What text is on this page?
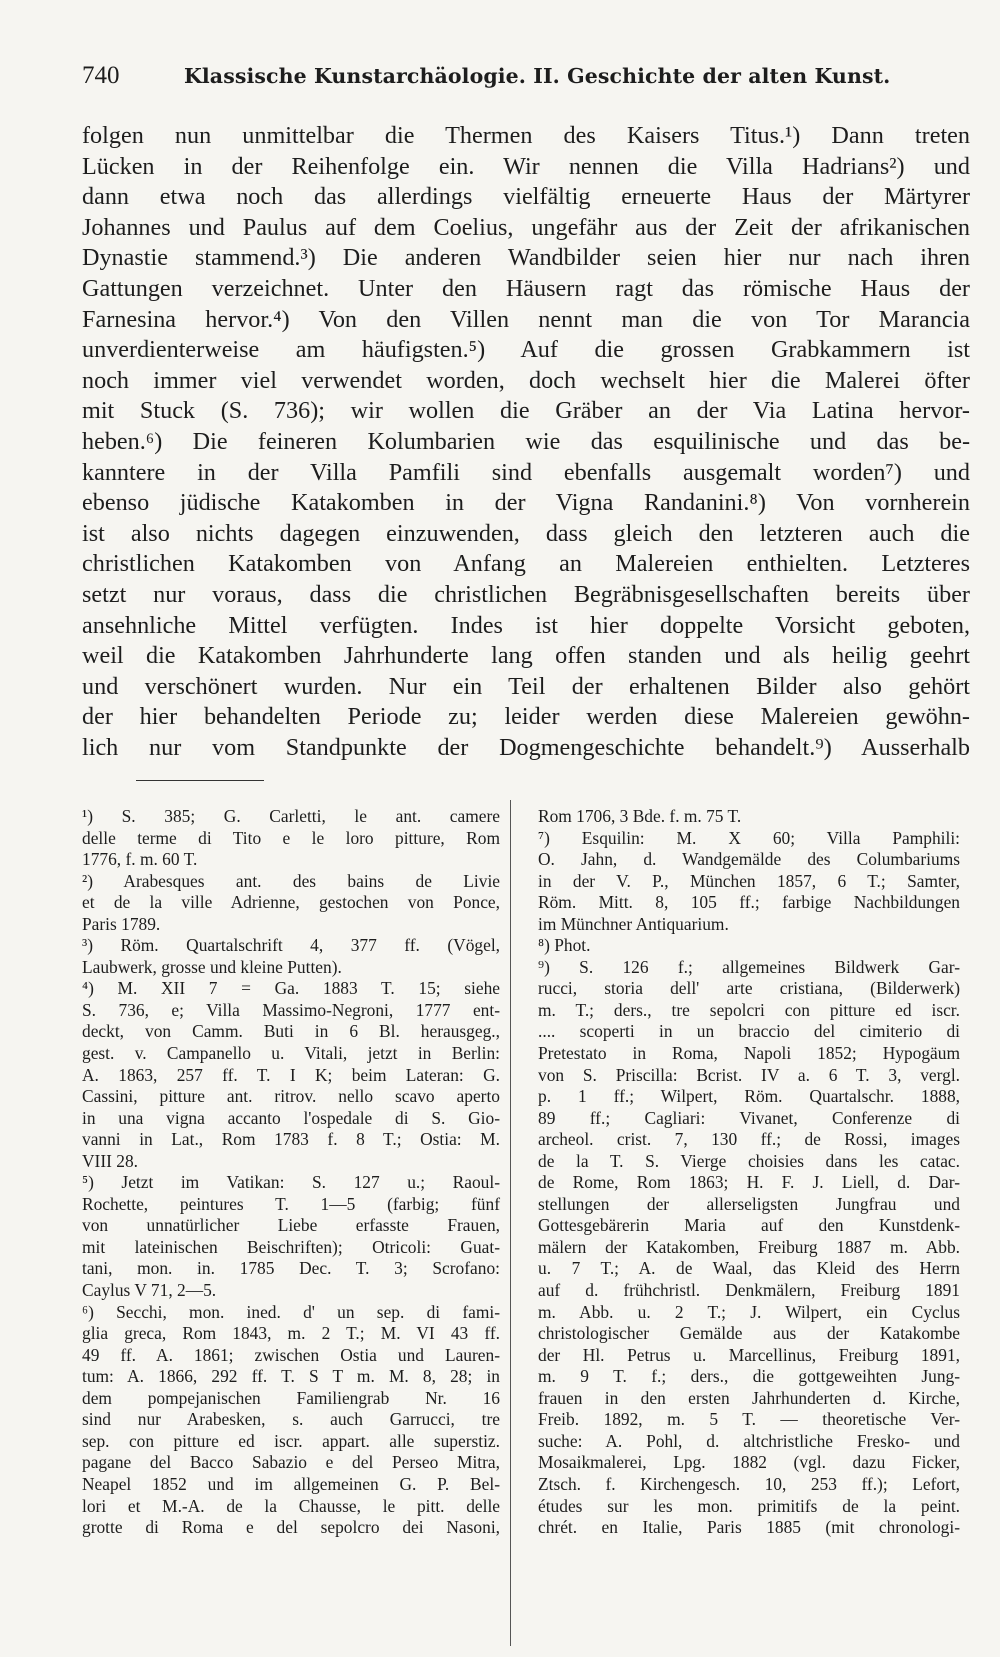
740	Klassische Kunstarchäologie. II. Geschichte der alten Kunst.
folgen nun unmittelbar die Thermen des Kaisers Titus.¹) Dann treten
Lücken in der Reihenfolge ein. Wir nennen die Villa Hadrians²) und
dann etwa noch das allerdings vielfältig erneuerte Haus der Märtyrer
Johannes und Paulus auf dem Coelius, ungefähr aus der Zeit der afrikanischen
Dynastie stammend.³) Die anderen Wandbilder seien hier nur nach ihren
Gattungen verzeichnet. Unter den Häusern ragt das römische Haus der
Farnesina hervor.⁴) Von den Villen nennt man die von Tor Marancia
unverdienterweise am häufigsten.⁵) Auf die grossen Grabkammern ist
noch immer viel verwendet worden, doch wechselt hier die Malerei öfter
mit Stuck (S. 736); wir wollen die Gräber an der Via Latina hervor-
heben.⁶) Die feineren Kolumbarien wie das esquilinische und das be-
kanntere in der Villa Pamfili sind ebenfalls ausgemalt worden⁷) und
ebenso jüdische Katakomben in der Vigna Randanini.⁸) Von vornherein
ist also nichts dagegen einzuwenden, dass gleich den letzteren auch die
christlichen Katakomben von Anfang an Malereien enthielten. Letzteres
setzt nur voraus, dass die christlichen Begräbnisgesellschaften bereits über
ansehnliche Mittel verfügten. Indes ist hier doppelte Vorsicht geboten,
weil die Katakomben Jahrhunderte lang offen standen und als heilig geehrt
und verschönert wurden. Nur ein Teil der erhaltenen Bilder also gehört
der hier behandelten Periode zu; leider werden diese Malereien gewöhn-
lich nur vom Standpunkte der Dogmengeschichte behandelt.⁹) Ausserhalb
¹) S. 385; G. Carletti, le ant. camere
delle terme di Tito e le loro pitture, Rom
1776, f. m. 60 T.
²) Arabesques ant. des bains de Livie
et de la ville Adrienne, gestochen von Ponce,
Paris 1789.
³) Röm. Quartalschrift 4, 377 ff. (Vögel,
Laubwerk, grosse und kleine Putten).
⁴) M. XII 7 = Ga. 1883 T. 15; siehe
S. 736, e; Villa Massimo-Negroni, 1777 ent-
deckt, von Camm. Buti in 6 Bl. herausgeg.,
gest. v. Campanello u. Vitali, jetzt in Berlin:
A. 1863, 257 ff. T. I K; beim Lateran: G.
Cassini, pitture ant. ritrov. nello scavo aperto
in una vigna accanto l'ospedale di S. Gio-
vanni in Lat., Rom 1783 f. 8 T.; Ostia: M.
VIII 28.
⁵) Jetzt im Vatikan: S. 127 u.; Raoul-
Rochette, peintures T. 1—5 (farbig; fünf
von unnatürlicher Liebe erfasste Frauen,
mit lateinischen Beischriften); Otricoli: Guat-
tani, mon. in. 1785 Dec. T. 3; Scrofano:
Caylus V 71, 2—5.
⁶) Secchi, mon. ined. d' un sep. di fami-
glia greca, Rom 1843, m. 2 T.; M. VI 43 ff.
49 ff. A. 1861; zwischen Ostia und Lauren-
tum: A. 1866, 292 ff. T. S T m. M. 8, 28; in
dem pompejanischen Familiengrab Nr. 16
sind nur Arabesken, s. auch Garrucci, tre
sep. con pitture ed iscr. appart. alle superstiz.
pagane del Bacco Sabazio e del Perseo Mitra,
Neapel 1852 und im allgemeinen G. P. Bel-
lori et M.-A. de la Chausse, le pitt. delle
grotte di Roma e del sepolcro dei Nasoni,
Rom 1706, 3 Bde. f. m. 75 T.
⁷) Esquilin: M. X 60; Villa Pamphili:
O. Jahn, d. Wandgemälde des Columbariums
in der V. P., München 1857, 6 T.; Samter,
Röm. Mitt. 8, 105 ff.; farbige Nachbildungen
im Münchner Antiquarium.
⁸) Phot.
⁹) S. 126 f.; allgemeines Bildwerk Gar-
rucci, storia dell' arte cristiana, (Bilderwerk)
m. T.; ders., tre sepolcri con pitture ed iscr.
.... scoperti in un braccio del cimiterio di
Pretestato in Roma, Napoli 1852; Hypogäum
von S. Priscilla: Bcrist. IV a. 6 T. 3, vergl.
p. 1 ff.; Wilpert, Röm. Quartalschr. 1888,
89 ff.; Cagliari: Vivanet, Conferenze di
archeol. crist. 7, 130 ff.; de Rossi, images
de la T. S. Vierge choisies dans les catac.
de Rome, Rom 1863; H. F. J. Liell, d. Dar-
stellungen der allerseligsten Jungfrau und
Gottesgebärerin Maria auf den Kunstdenk-
mälern der Katakomben, Freiburg 1887 m. Abb.
u. 7 T.; A. de Waal, das Kleid des Herrn
auf d. frühchristl. Denkmälern, Freiburg 1891
m. Abb. u. 2 T.; J. Wilpert, ein Cyclus
christologischer Gemälde aus der Katakombe
der Hl. Petrus u. Marcellinus, Freiburg 1891,
m. 9 T. f.; ders., die gottgeweihten Jung-
frauen in den ersten Jahrhunderten d. Kirche,
Freib. 1892, m. 5 T. — theoretische Ver-
suche: A. Pohl, d. altchristliche Fresko- und
Mosaikmalerei, Lpg. 1882 (vgl. dazu Ficker,
Ztsch. f. Kirchengesch. 10, 253 ff.); Lefort,
études sur les mon. primitifs de la peint.
chrét. en Italie, Paris 1885 (mit chronologi-
